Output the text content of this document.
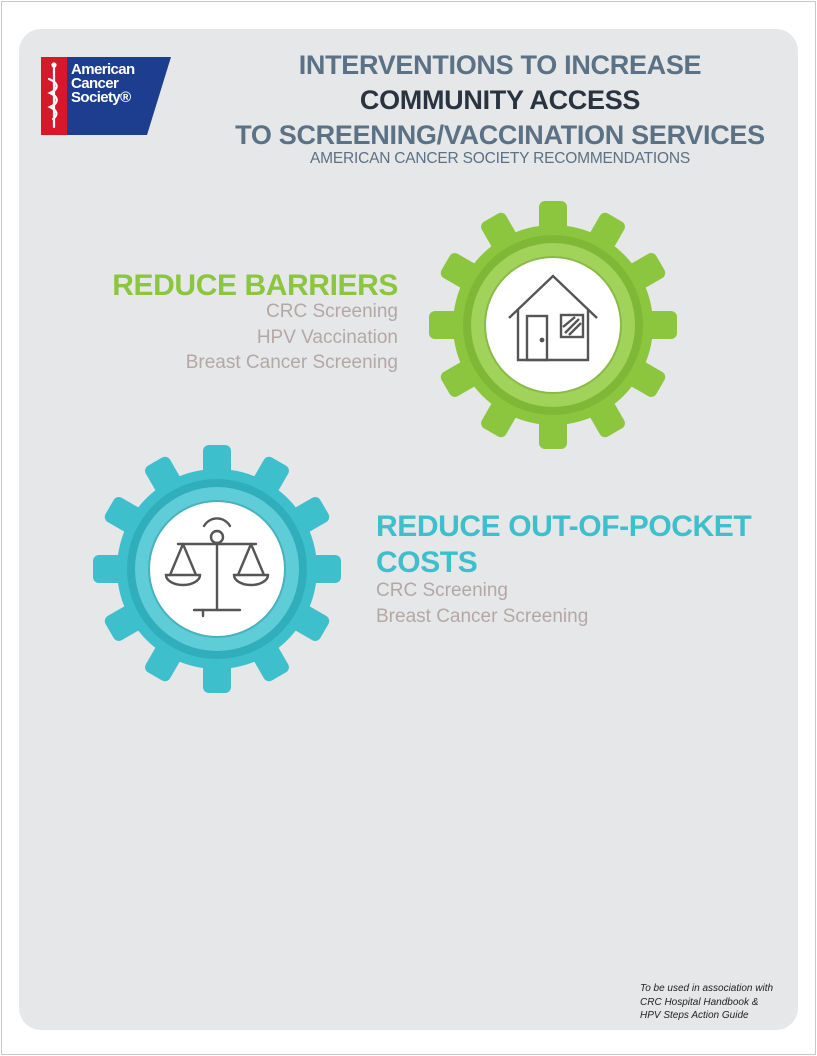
American
Cancer
Society®
INTERVENTIONS TO INCREASE
COMMUNITY ACCESS
TO SCREENING/VACCINATION SERVICES
AMERICAN CANCER SOCIETY RECOMMENDATIONS
REDUCE BARRIERS
CRC Screening
HPV Vaccination
Breast Cancer Screening
REDUCE OUT-OF-POCKET
COSTS
CRC Screening
Breast Cancer Screening
To be used in association with
CRC Hospital Handbook &
HPV Steps Action Guide
